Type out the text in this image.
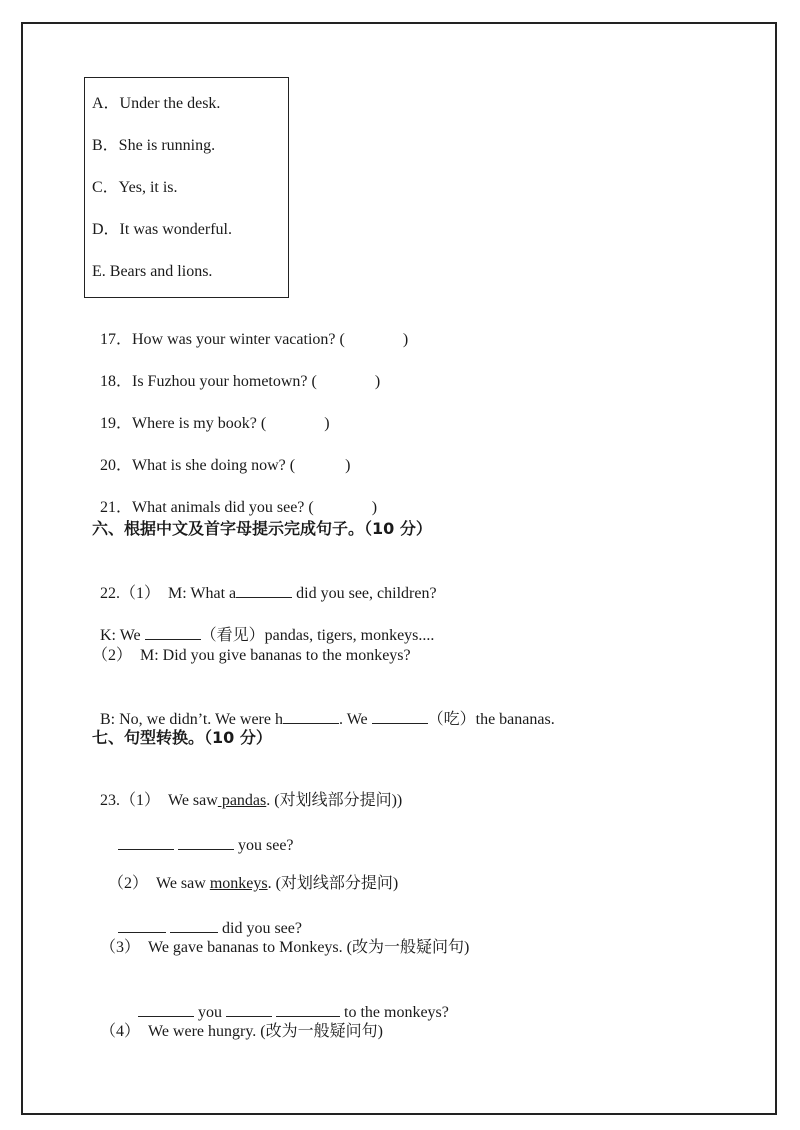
A．Under the desk.
B．She is running.
C．Yes, it is.
D．It was wonderful.
E. Bears and lions.

17．How was your winter vacation? (	)

18．Is Fuzhou your hometown? (	)

19．Where is my book? (	)

20．What is she doing now? (	)

21．What animals did you see? (	)

六、根据中文及首字母提示完成句子。（10 分）

22.（1）  M: What a	did you see, children?

K: We	（看见）pandas, tigers, monkeys....

（2）  M: Did you give bananas to the monkeys?

B: No, we didn’t. We were h	. We	（吃）the bananas.

七、句型转换。（10 分）

23.（1）  We saw pandas. (对划线部分提问))

you see?

（2）  We saw monkeys. (对划线部分提问)

did you see?

（3）  We gave bananas to Monkeys. (改为一般疑问句)

you	to the monkeys?

（4）  We were hungry. (改为一般疑问句)
